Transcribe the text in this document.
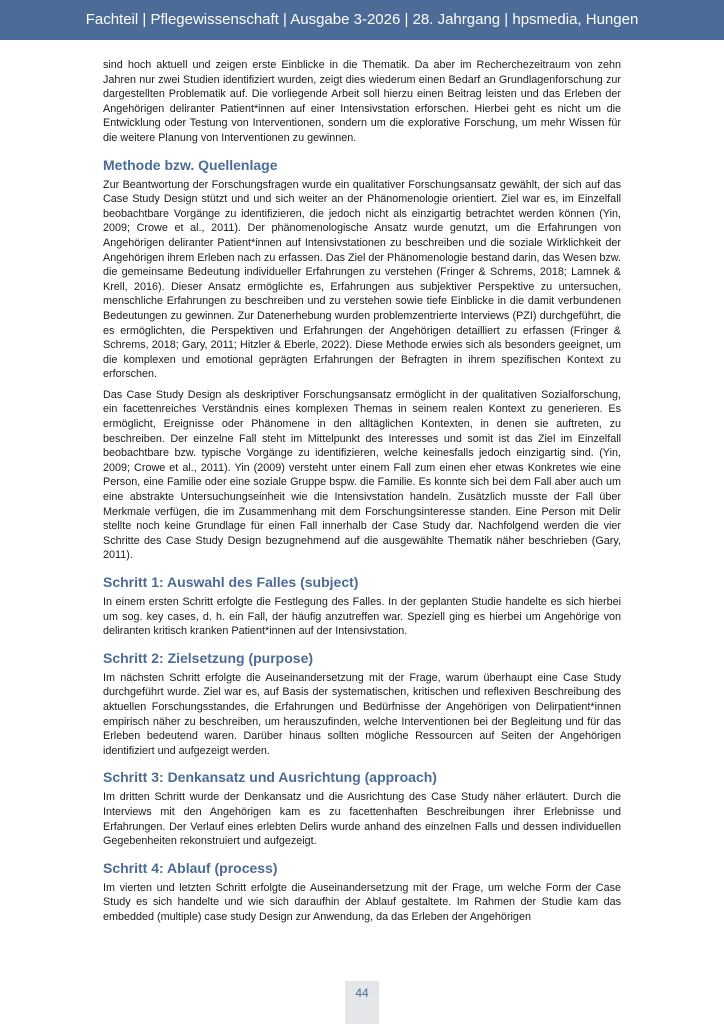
Fachteil | Pflegewissenschaft | Ausgabe 3-2026 | 28. Jahrgang | hpsmedia, Hungen

sind hoch aktuell und zeigen erste Einblicke in die Thematik. Da aber im Recherchezeitraum von zehn Jahren nur zwei Studien identifiziert wurden, zeigt dies wiederum einen Bedarf an Grundlagenforschung zur dargestellten Problematik auf. Die vorliegende Arbeit soll hierzu einen Beitrag leisten und das Erleben der Angehörigen deliranter Patient*innen auf einer Intensivstation erforschen. Hierbei geht es nicht um die Entwicklung oder Testung von Interventionen, sondern um die explorative Forschung, um mehr Wissen für die weitere Planung von Interventionen zu gewinnen.

Methode bzw. Quellenlage

Zur Beantwortung der Forschungsfragen wurde ein qualitativer Forschungsansatz gewählt, der sich auf das Case Study Design stützt und und sich weiter an der Phänomenologie orientiert. Ziel war es, im Einzelfall beobachtbare Vorgänge zu identifizieren, die jedoch nicht als einzigartig betrachtet werden können (Yin, 2009; Crowe et al., 2011). Der phänomenologische Ansatz wurde genutzt, um die Erfahrungen von Angehörigen deliranter Patient*innen auf Intensivstationen zu beschreiben und die soziale Wirklichkeit der Angehörigen ihrem Erleben nach zu erfassen. Das Ziel der Phänomenologie bestand darin, das Wesen bzw. die gemeinsame Bedeutung individueller Erfahrungen zu verstehen (Fringer & Schrems, 2018; Lamnek & Krell, 2016). Dieser Ansatz ermöglichte es, Erfahrungen aus subjektiver Perspektive zu untersuchen, menschliche Erfahrungen zu beschreiben und zu verstehen sowie tiefe Einblicke in die damit verbundenen Bedeutungen zu gewinnen. Zur Datenerhebung wurden problemzentrierte Interviews (PZI) durchgeführt, die es ermöglichten, die Perspektiven und Erfahrungen der Angehörigen detailliert zu erfassen (Fringer & Schrems, 2018; Gary, 2011; Hitzler & Eberle, 2022). Diese Methode erwies sich als besonders geeignet, um die komplexen und emotional geprägten Erfahrungen der Befragten in ihrem spezifischen Kontext zu erforschen.

Das Case Study Design als deskriptiver Forschungsansatz ermöglicht in der qualitativen Sozialforschung, ein facettenreiches Verständnis eines komplexen Themas in seinem realen Kontext zu generieren. Es ermöglicht, Ereignisse oder Phänomene in den alltäglichen Kontexten, in denen sie auftreten, zu beschreiben. Der einzelne Fall steht im Mittelpunkt des Interesses und somit ist das Ziel im Einzelfall beobachtbare bzw. typische Vorgänge zu identifizieren, welche keinesfalls jedoch einzigartig sind. (Yin, 2009; Crowe et al., 2011). Yin (2009) versteht unter einem Fall zum einen eher etwas Konkretes wie eine Person, eine Familie oder eine soziale Gruppe bspw. die Familie. Es konnte sich bei dem Fall aber auch um eine abstrakte Untersuchungseinheit wie die Intensivstation handeln. Zusätzlich musste der Fall über Merkmale verfügen, die im Zusammenhang mit dem Forschungsinteresse standen. Eine Person mit Delir stellte noch keine Grundlage für einen Fall innerhalb der Case Study dar. Nachfolgend werden die vier Schritte des Case Study Design bezugnehmend auf die ausgewählte Thematik näher beschrieben (Gary, 2011).

Schritt 1: Auswahl des Falles (subject)

In einem ersten Schritt erfolgte die Festlegung des Falles. In der geplanten Studie handelte es sich hierbei um sog. key cases, d. h. ein Fall, der häufig anzutreffen war. Speziell ging es hierbei um Angehörige von deliranten kritisch kranken Patient*innen auf der Intensivstation.

Schritt 2: Zielsetzung (purpose)

Im nächsten Schritt erfolgte die Auseinandersetzung mit der Frage, warum überhaupt eine Case Study durchgeführt wurde. Ziel war es, auf Basis der systematischen, kritischen und reflexiven Beschreibung des aktuellen Forschungsstandes, die Erfahrungen und Bedürfnisse der Angehörigen von Delirpatient*innen empirisch näher zu beschreiben, um herauszufinden, welche Interventionen bei der Begleitung und für das Erleben bedeutend waren. Darüber hinaus sollten mögliche Ressourcen auf Seiten der Angehörigen identifiziert und aufgezeigt werden.

Schritt 3: Denkansatz und Ausrichtung (approach)

Im dritten Schritt wurde der Denkansatz und die Ausrichtung des Case Study näher erläutert. Durch die Interviews mit den Angehörigen kam es zu facettenhaften Beschreibungen ihrer Erlebnisse und Erfahrungen. Der Verlauf eines erlebten Delirs wurde anhand des einzelnen Falls und dessen individuellen Gegebenheiten rekonstruiert und aufgezeigt.

Schritt 4: Ablauf (process)

Im vierten und letzten Schritt erfolgte die Auseinandersetzung mit der Frage, um welche Form der Case Study es sich handelte und wie sich daraufhin der Ablauf gestaltete. Im Rahmen der Studie kam das embedded (multiple) case study Design zur Anwendung, da das Erleben der Angehörigen

44
